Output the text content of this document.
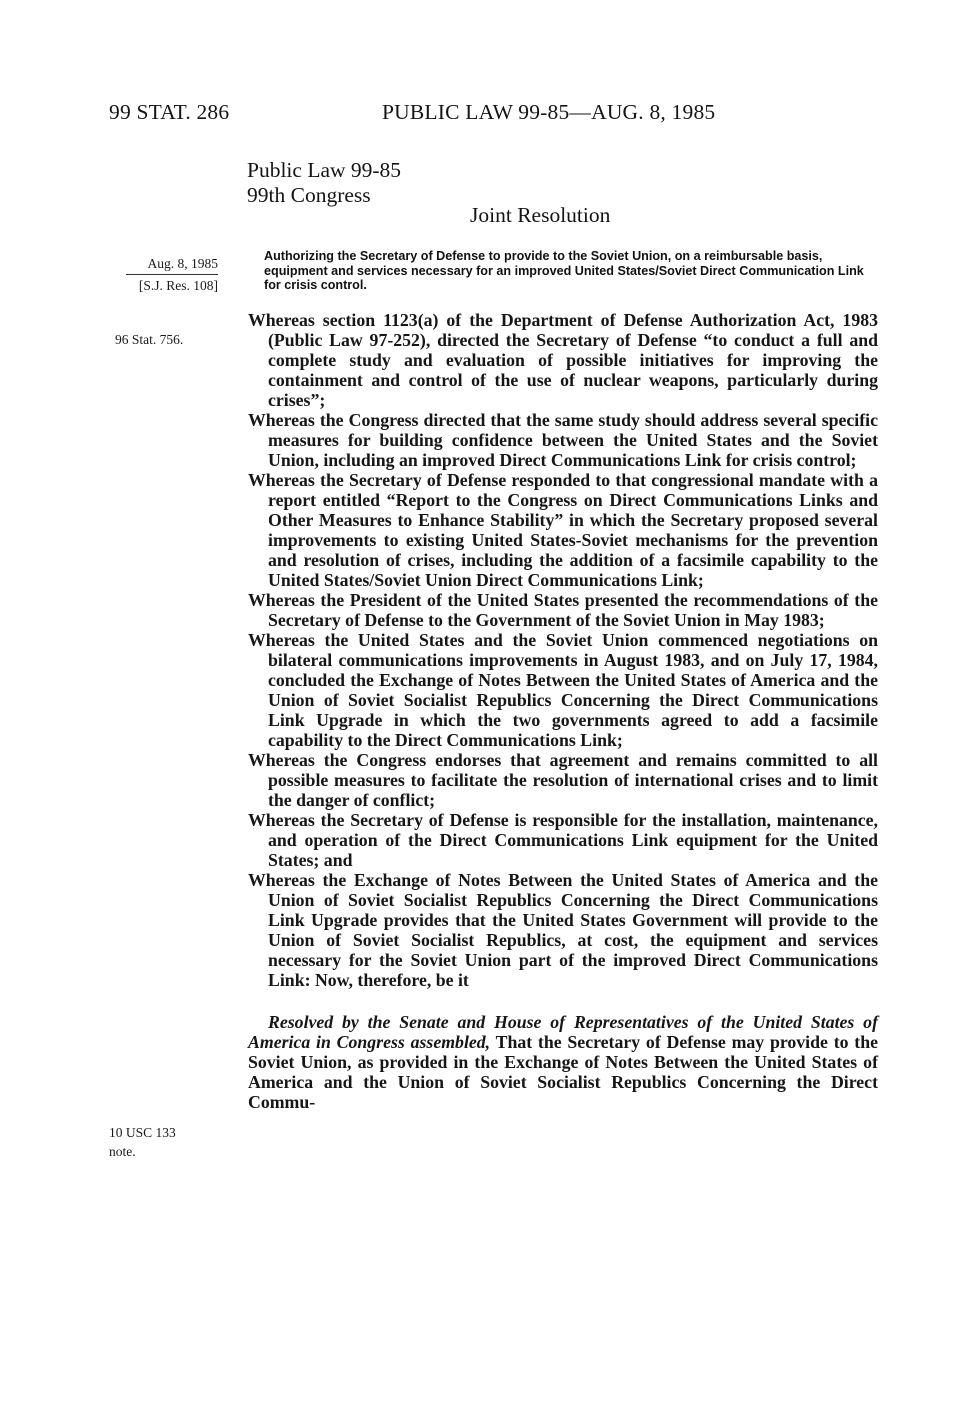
99 STAT. 286	PUBLIC LAW 99-85—AUG. 8, 1985
Public Law 99-85
99th Congress
Joint Resolution
Aug. 8, 1985
[S.J. Res. 108]
Authorizing the Secretary of Defense to provide to the Soviet Union, on a reimbursable basis, equipment and services necessary for an improved United States/Soviet Direct Communication Link for crisis control.
96 Stat. 756.

Whereas section 1123(a) of the Department of Defense Authorization Act, 1983 (Public Law 97-252), directed the Secretary of Defense “to conduct a full and complete study and evaluation of possible initiatives for improving the containment and control of the use of nuclear weapons, particularly during crises”;

Whereas the Congress directed that the same study should address several specific measures for building confidence between the United States and the Soviet Union, including an improved Direct Communications Link for crisis control;

Whereas the Secretary of Defense responded to that congressional mandate with a report entitled “Report to the Congress on Direct Communications Links and Other Measures to Enhance Stability” in which the Secretary proposed several improvements to existing United States-Soviet mechanisms for the prevention and resolution of crises, including the addition of a facsimile capability to the United States/Soviet Union Direct Communications Link;

Whereas the President of the United States presented the recommendations of the Secretary of Defense to the Government of the Soviet Union in May 1983;

Whereas the United States and the Soviet Union commenced negotiations on bilateral communications improvements in August 1983, and on July 17, 1984, concluded the Exchange of Notes Between the United States of America and the Union of Soviet Socialist Republics Concerning the Direct Communications Link Upgrade in which the two governments agreed to add a facsimile capability to the Direct Communications Link;

Whereas the Congress endorses that agreement and remains committed to all possible measures to facilitate the resolution of international crises and to limit the danger of conflict;

Whereas the Secretary of Defense is responsible for the installation, maintenance, and operation of the Direct Communications Link equipment for the United States; and

Whereas the Exchange of Notes Between the United States of America and the Union of Soviet Socialist Republics Concerning the Direct Communications Link Upgrade provides that the United States Government will provide to the Union of Soviet Socialist Republics, at cost, the equipment and services necessary for the Soviet Union part of the improved Direct Communications Link: Now, therefore, be it

Resolved by the Senate and House of Representatives of the United States of America in Congress assembled, That the Secretary of Defense may provide to the Soviet Union, as provided in the Exchange of Notes Between the United States of America and the Union of Soviet Socialist Republics Concerning the Direct Commu-

10 USC 133
note.
